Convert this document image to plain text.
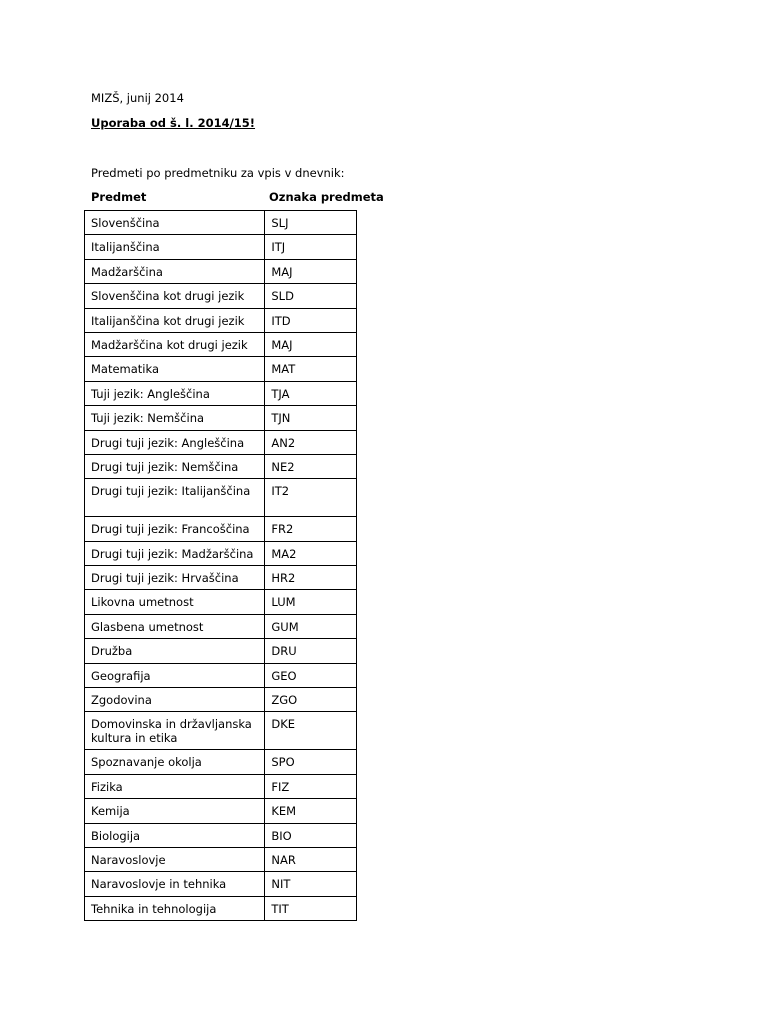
MIZŠ, junij 2014
Uporaba od š. l. 2014/15!
Predmeti po predmetniku za vpis v dnevnik:
Predmet	Oznaka predmeta
Slovenščina	SLJ
Italijanščina	ITJ
Madžarščina	MAJ
Slovenščina kot drugi jezik	SLD
Italijanščina kot drugi jezik	ITD
Madžarščina kot drugi jezik	MAJ
Matematika	MAT
Tuji jezik: Angleščina	TJA
Tuji jezik: Nemščina	TJN
Drugi tuji jezik: Angleščina	AN2
Drugi tuji jezik: Nemščina	NE2
Drugi tuji jezik: Italijanščina	IT2
Drugi tuji jezik: Francoščina	FR2
Drugi tuji jezik: Madžarščina	MA2
Drugi tuji jezik: Hrvaščina	HR2
Likovna umetnost	LUM
Glasbena umetnost	GUM
Družba	DRU
Geografija	GEO
Zgodovina	ZGO
Domovinska in državljanska kultura in etika	DKE
Spoznavanje okolja	SPO
Fizika	FIZ
Kemija	KEM
Biologija	BIO
Naravoslovje	NAR
Naravoslovje in tehnika	NIT
Tehnika in tehnologija	TIT
